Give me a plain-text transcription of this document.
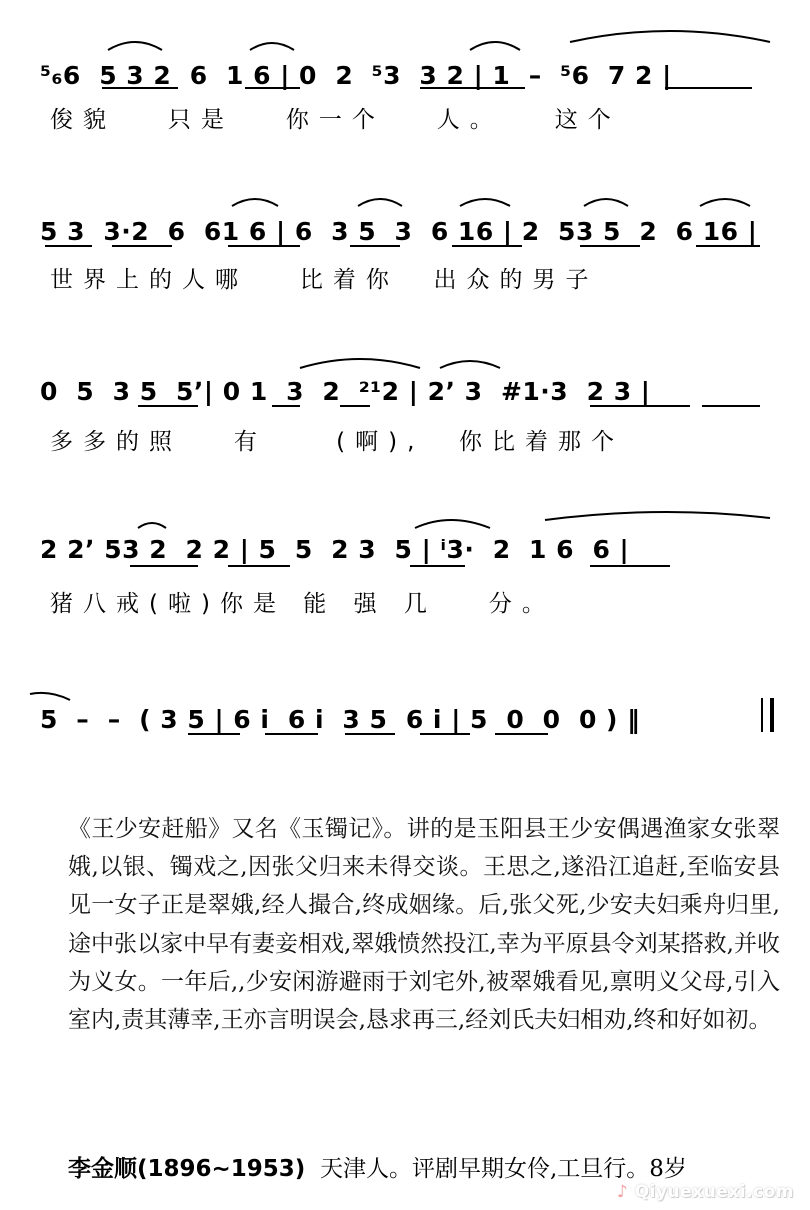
⁵₆6  5 3 2  6  1 6 | 0  2  ⁵3  3 2 | 1  –  ⁵6  7 2 |
俊貌   只是   你一个   人。   这个
5 3  3·2  6  61 6 | 6  3 5  3  6 16 | 2  53 5  2  6 16 |
世界上的人哪   比着你  出众的男子
0  5  3 5  5ʼ| 0 1  3  2  ²¹2 | 2ʼ 3  #1·3  2 3 |
多多的照   有    (啊),  你比着那个
2 2ʼ 53 2  2 2 | 5  5  2 3  5 | ⁱ3·  2  1 6  6 |
猪八戒(啦)你是 能 强 几   分。
5  –  –  ( 3 5 | 6 i  6 i  3 5  6 i | 5  0  0  0 ) ‖

《王少安赶船》又名《玉镯记》。讲的是玉阳县王少安偶遇渔家女张翠娥,以银、镯戏之,因张父归来未得交谈。王思之,遂沿江追赶,至临安县见一女子正是翠娥,经人撮合,终成姻缘。后,张父死,少安夫妇乘舟归里,途中张以家中早有妻妾相戏,翠娥愤然投江,幸为平原县令刘某搭救,并收为义女。一年后,,少安闲游避雨于刘宅外,被翠娥看见,禀明义父母,引入室内,责其薄幸,王亦言明误会,恳求再三,经刘氏夫妇相劝,终和好如初。

李金顺(1896~1953) 天津人。评剧早期女伶,工旦行。8岁
♪ Qiyuexuexi.com
